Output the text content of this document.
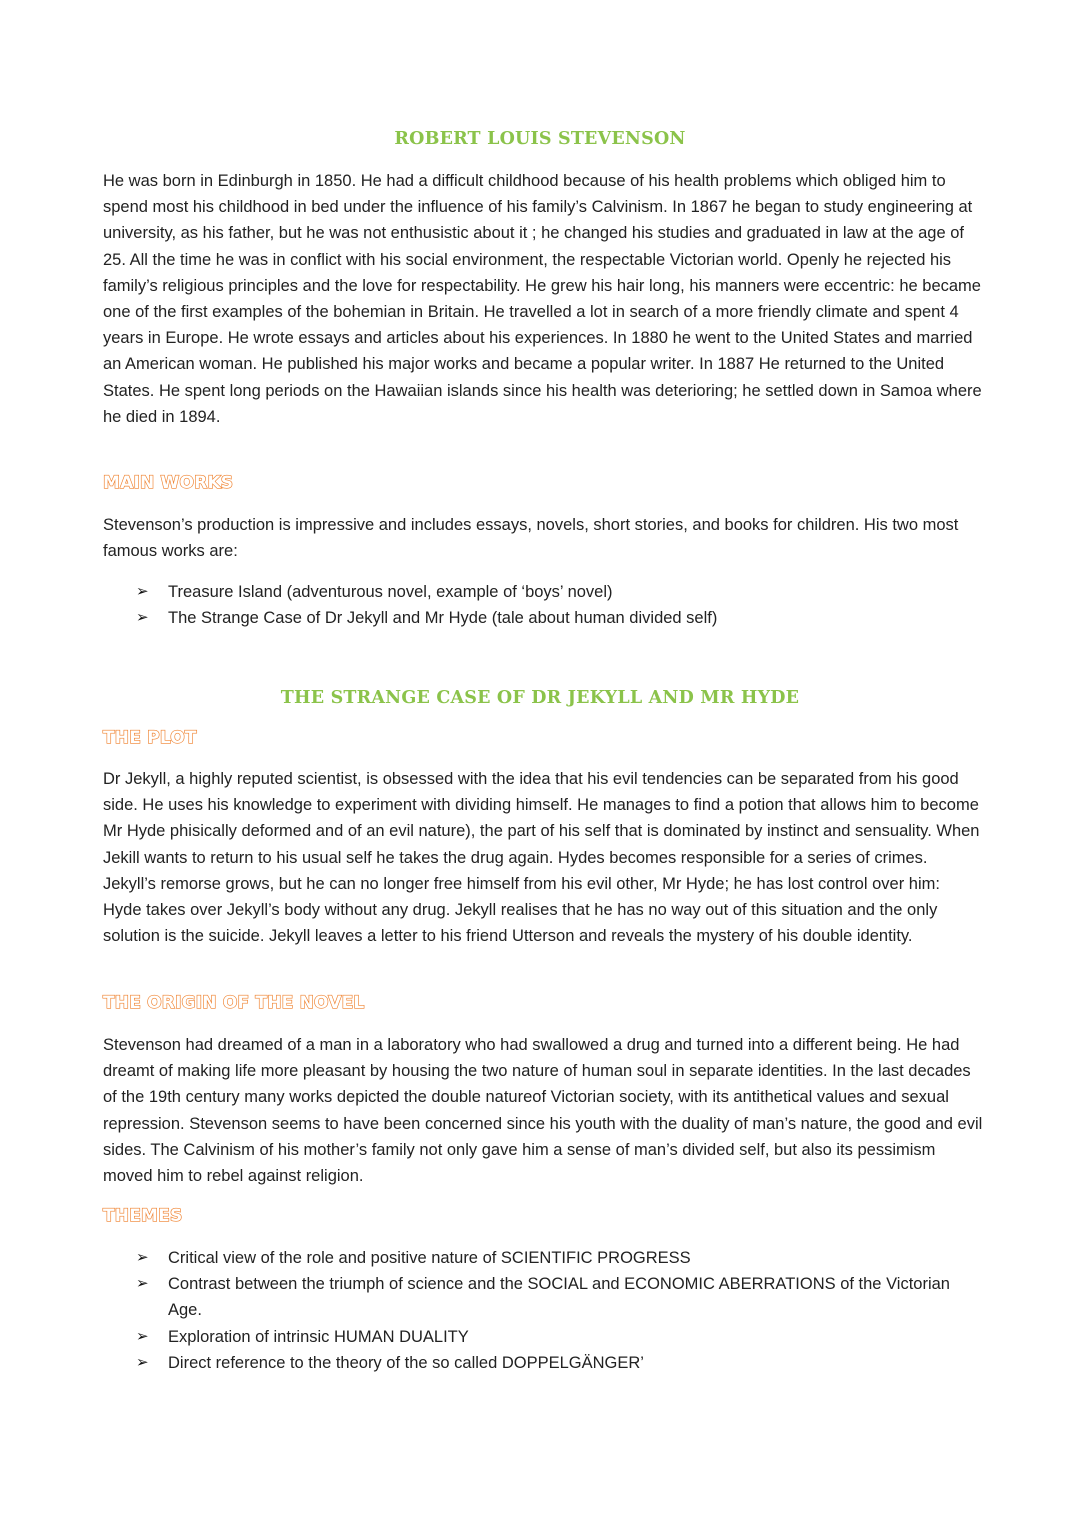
ROBERT LOUIS STEVENSON

He was born in Edinburgh in 1850. He had a difficult childhood because of his health problems which obliged him to spend most his childhood in bed under the influence of his family’s Calvinism. In 1867 he began to study engineering at university, as his father, but he was not enthusistic about it ; he changed his studies and graduated in law at the age of 25. All the time he was in conflict with his social environment, the respectable Victorian world. Openly he rejected his family’s religious principles and the love for respectability. He grew his hair long, his manners were eccentric: he became one of the first examples of the bohemian in Britain. He travelled a lot in search of a more friendly climate and spent 4 years in Europe. He wrote essays and articles about his experiences. In 1880 he went to the United States and married an American woman. He published his major works and became a popular writer. In 1887 He returned to the United States. He spent long periods on the Hawaiian islands since his health was deterioring; he settled down in Samoa where he died in 1894.

MAIN WORKS

Stevenson’s production is impressive and includes essays, novels, short stories, and books for children. His two most famous works are:

➢ Treasure Island (adventurous novel, example of ‘boys’ novel)
➢ The Strange Case of Dr Jekyll and Mr Hyde (tale about human divided self)
THE STRANGE CASE OF DR JEKYLL AND MR HYDE
THE PLOT

Dr Jekyll, a highly reputed scientist, is obsessed with the idea that his evil tendencies can be separated from his good side. He uses his knowledge to experiment with dividing himself. He manages to find a potion that allows him to become Mr Hyde phisically deformed and of an evil nature), the part of his self that is dominated by instinct and sensuality. When Jekill wants to return to his usual self he takes the drug again. Hydes becomes responsible for a series of crimes. Jekyll’s remorse grows, but he can no longer free himself from his evil other, Mr Hyde; he has lost control over him: Hyde takes over Jekyll’s body without any drug. Jekyll realises that he has no way out of this situation and the only solution is the suicide. Jekyll leaves a letter to his friend Utterson and reveals the mystery of his double identity.

THE ORIGIN OF THE NOVEL

Stevenson had dreamed of a man in a laboratory who had swallowed a drug and turned into a different being. He had dreamt of making life more pleasant by housing the two nature of human soul in separate identities. In the last decades of the 19th century many works depicted the double natureof Victorian society, with its antithetical values and sexual repression. Stevenson seems to have been concerned since his youth with the duality of man’s nature, the good and evil sides. The Calvinism of his mother’s family not only gave him a sense of man’s divided self, but also its pessimism moved him to rebel against religion.

THEMES
➢ Critical view of the role and positive nature of SCIENTIFIC PROGRESS
➢ Contrast between the triumph of science and the SOCIAL and ECONOMIC ABERRATIONS of the Victorian Age.
➢ Exploration of intrinsic HUMAN DUALITY
➢ Direct reference to the theory of the so called DOPPELGÄNGER’
